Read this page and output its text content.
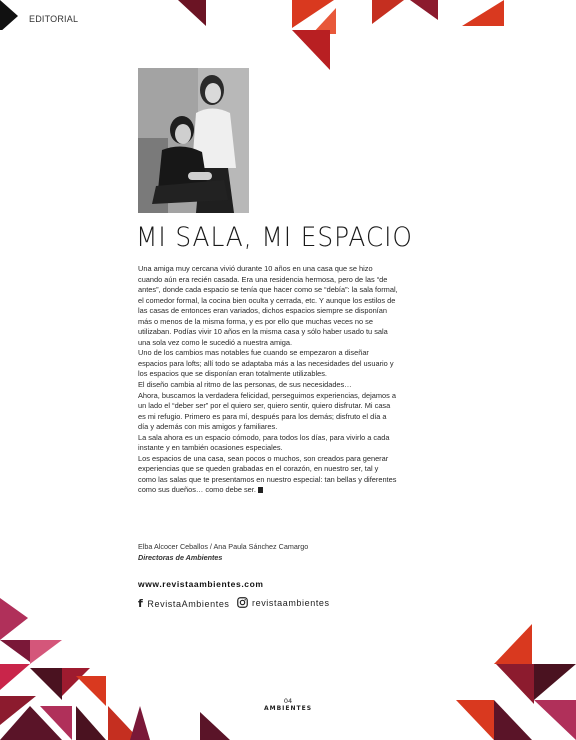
EDITORIAL
MI SALA, MI ESPACIO

Una amiga muy cercana vivió durante 10 años en una casa que se hizo cuando aún era recién casada. Era una residencia hermosa, pero de las “de antes”, donde cada espacio se tenía que hacer como se “debía”: la sala formal, el comedor formal, la cocina bien oculta y cerrada, etc. Y aunque los estilos de las casas de entonces eran variados, dichos espacios siempre se disponían más o menos de la misma forma, y es por ello que muchas veces no se utilizaban. Podías vivir 10 años en la misma casa y sólo haber usado tu sala una sola vez como le sucedió a nuestra amiga.

Uno de los cambios mas notables fue cuando se empezaron a diseñar espacios para lofts; allí todo se adaptaba más a las necesidades del usuario y los espacios que se disponían eran totalmente utilizables.

El diseño cambia al ritmo de las personas, de sus necesidades…

Ahora, buscamos la verdadera felicidad, perseguimos experiencias, dejamos a un lado el “deber ser” por el quiero ser, quiero sentir, quiero disfrutar. Mi casa es mi refugio. Primero es para mí, después para los demás; disfruto el día a día y además con mis amigos y familiares.

La sala ahora es un espacio cómodo, para todos los días, para vivirlo a cada instante y en también ocasiones especiales.

Los espacios de una casa, sean pocos o muchos, son creados para generar experiencias que se queden grabadas en el corazón, en nuestro ser, tal y como las salas que te presentamos en nuestro especial: tan bellas y diferentes como sus dueños… como debe ser.

Elba Alcocer Ceballos / Ana Paula Sánchez Camargo
Directoras de Ambientes
www.revistaambientes.com
f RevistaAmbientes revistaambientes
04
AMBIENTES
